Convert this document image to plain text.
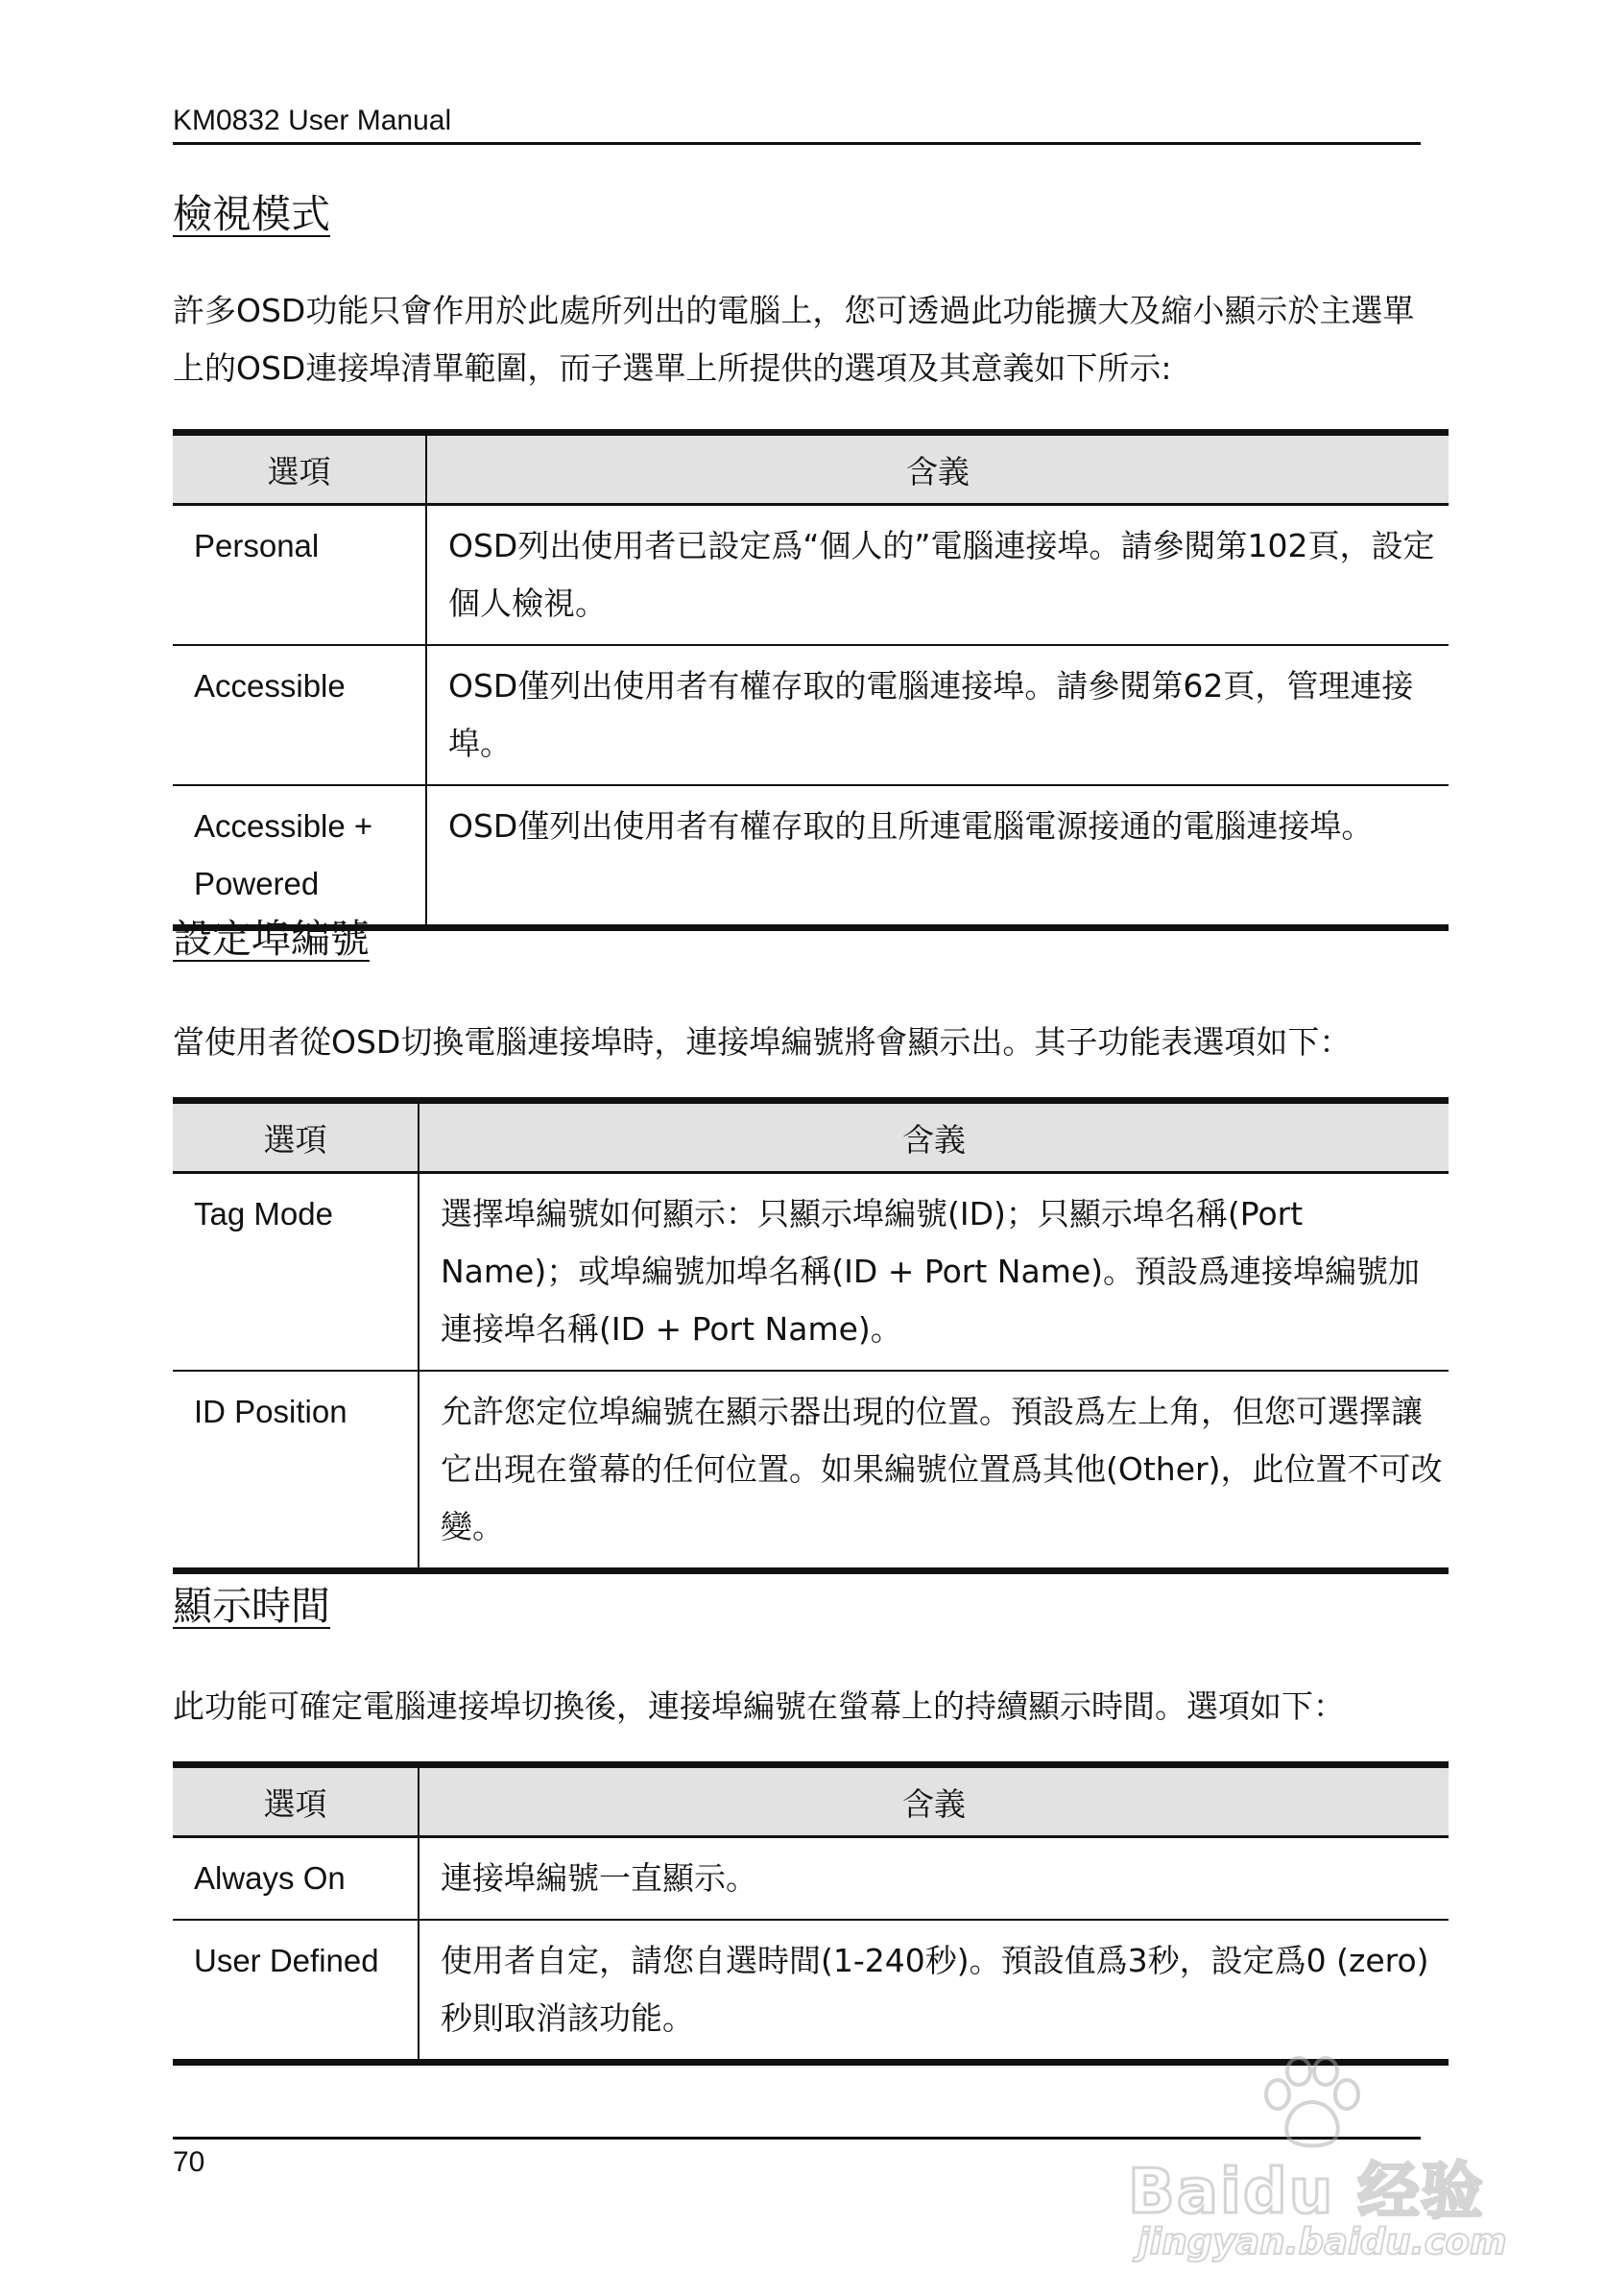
KM0832 User Manual
檢視模式

許多OSD功能只會作用於此處所列出的電腦上，您可透過此功能擴大及縮小顯示於主選單上的OSD連接埠清單範圍，而子選單上所提供的選項及其意義如下所示:

選項	含義
Personal	OSD列出使用者已設定爲“個人的”電腦連接埠。請參閱第102頁，設定個人檢視。
Accessible	OSD僅列出使用者有權存取的電腦連接埠。請參閱第62頁，管理連接埠。
Accessible + Powered	OSD僅列出使用者有權存取的且所連電腦電源接通的電腦連接埠。
設定埠編號

當使用者從OSD切換電腦連接埠時，連接埠編號將會顯示出。其子功能表選項如下：

選項	含義
Tag Mode	選擇埠編號如何顯示：只顯示埠編號(ID)；只顯示埠名稱(Port Name)；或埠編號加埠名稱(ID + Port Name)。預設爲連接埠編號加連接埠名稱(ID + Port Name)。
ID Position	允許您定位埠編號在顯示器出現的位置。預設爲左上角，但您可選擇讓它出現在螢幕的任何位置。如果編號位置爲其他(Other)，此位置不可改變。
顯示時間

此功能可確定電腦連接埠切換後，連接埠編號在螢幕上的持續顯示時間。選項如下：

選項	含義
Always On	連接埠編號一直顯示。
User Defined	使用者自定，請您自選時間(1-240秒)。預設值爲3秒，設定爲0 (zero)秒則取消該功能。
70	Baidu 经验
jingyan.baidu.com
